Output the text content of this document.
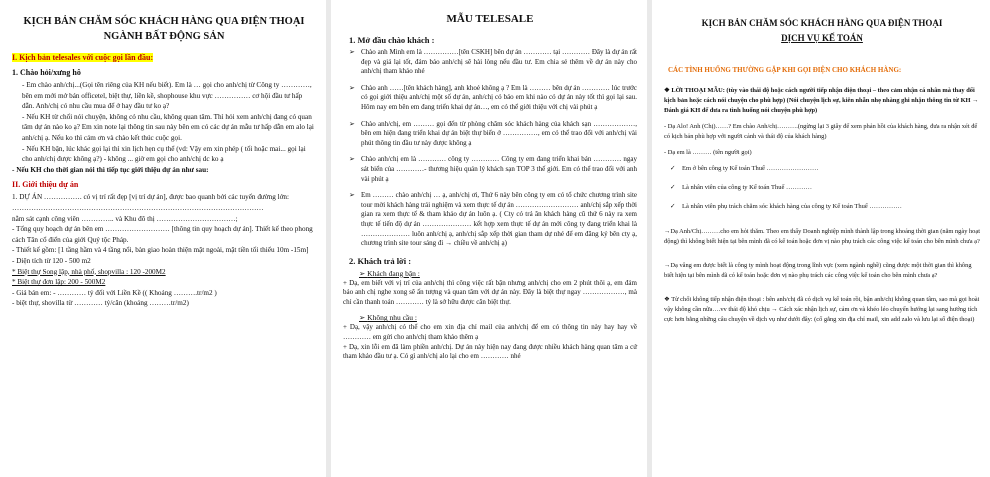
KỊCH BẢN CHĂM SÓC KHÁCH HÀNG QUA ĐIỆN THOẠI
NGÀNH BẤT ĐỘNG SẢN
I. Kịch bản telesales với cuộc gọi lần đầu:
1. Chào hỏi/xưng hô

- Em chào anh/chị...(Gọi tên riêng của KH nếu biết). Em là … gọi cho anh/chị từ Công ty …………, bên em mới mở bán officetel, biệt thự, liền kề, shophouse khu vực …………… cơ hội đầu tư hấp dẫn. Anh/chị có nhu cầu mua để ở hay đầu tư ko ạ?

- Nếu KH từ chối nói chuyện, không có nhu cầu, không quan tâm. Thì hỏi xem anh/chị đang có quan tâm dự án nào ko ạ? Em xin note lại thông tin sau này bên em có các dự án mẫu tư hấp dẫn em alo lại anh/chị ạ. Nếu ko thì cảm ơn và chào kết thúc cuộc gọi.

- Nếu KH bận, lúc khác gọi lại thì xin lịch hẹn cụ thể (vd: Vậy em xin phép ( tối hoặc mai... gọi lại cho anh/chị được không ạ?) - không ... giờ em gọi cho anh/chị dc ko ạ

- Nếu KH cho thời gian nói thì tiếp tục giới thiệu dự án như sau:

II. Giới thiệu dự án

1. DỰ ÁN ……………. có vị trí rất đẹp [vị trí dự án], được bao quanh bởi các tuyến đường lớn: ……………………………………………………………………………………………

nằm sát cạnh công viên ………….. và Khu đô thị ……………………………;

- Tổng quy hoạch dự án bên em ……………………… [thông tin quy hoạch dự án]. Thiết kế theo phong cách Tân cổ điển của giới Quý tộc Pháp.

- Thiết kế gồm: [1 tầng hầm và 4 tầng nổi, bàn giao hoàn thiện mặt ngoài, mặt tiền tối thiểu 10m -15m]

- Diện tích từ 120 - 500 m2

* Biệt thự Song lập, nhà phố, shopvilla : 120 -200M2

* Biệt thự đơn lập: 200 - 500M2

- Giá bán em: - ………… tỷ đối với Liền Kề (( Khoảng ……….tr/m2 )

- biệt thự, shovilla từ ………… tỷ/căn (khoảng ………tr/m2)

MẪU TELESALE
1. Mở đầu chào khách :
➢ Chào anh Minh em là ……………[tên CSKH] bên dự án ………… tại ………… Đây là dự án rất đẹp và giá lại tốt, đảm bảo anh/chị sẽ hài lòng nếu đầu tư. Em chia sẻ thêm về dự án này cho anh/chị tham khảo nhé
➢ Chào anh ……[tên khách hàng], anh khoẻ không ạ ? Em là ……… bên dự án ………… lúc trước có gọi giới thiệu anh/chị một số dự án, anh/chị có báo em khi nào có dự án này tốt thì gọi lại sau. Hôm nay em bên em đang triển khai dự án…, em có thể giới thiệu với chị vài phút ạ
➢ Chào anh/chị, em ……… gọi đến từ phòng chăm sóc khách hàng của khách sạn ………………, bên em hiện đang triển khai dự án biệt thự biển ở ……………, em có thể trao đổi với anh/chị vài phút thông tin đầu tư này được không ạ
➢ Chào anh/chị em là ………… công ty ………… Công ty em đang triển khai bán ………… ngay sát biển của …………- thương hiệu quản lý khách sạn TOP 3 thế giới. Em có thể trao đổi với anh vài phút ạ
➢ Em ……… chào anh/chị … ạ, anh/chị ơi, Thứ 6 này bên công ty em có tổ chức chương trình site tour mời khách hàng trải nghiệm và xem thực tế dự án ……………………… anh/chị sắp xếp thời gian ra xem thực tế & tham khảo dự án luôn ạ. ( Cty có trả ăn khách hàng cũ thứ 6 này ra xem thực tế tiến độ dự án ………………… kết hợp xem thực tế dự án mới công ty đang triển khai là ………………… luôn anh/chị ạ, anh/chị sắp xếp thời gian tham dự nhé để em đăng ký bên cty ạ, chương trình site tour sáng đi → chiều về anh/chị ạ)
2. Khách trả lời :
➢ Khách đang bận :

+ Dạ, em biết với vị trí của anh/chị thì công việc rất bận nhưng anh/chị cho em 2 phút thôi ạ, em đảm bảo anh chị nghe xong sẽ ấn tượng và quan tâm với dự án này. Đây là biệt thự ngay ………………, mà chỉ cần thanh toán ………… tỷ là sở hữu được căn biệt thự.

➢ Không nhu cầu :

+ Dạ, vậy anh/chị có thể cho em xin địa chỉ mail của anh/chị để em có thông tin này hay hay về ………… em gửi cho anh/chị tham khảo thêm ạ
+ Dạ, xin lỗi em đã làm phiền anh/chị. Dự án này hiện nay đang được nhiều khách hàng quan tâm a cứ tham khảo đầu tư ạ. Có gì anh/chị alo lại cho em ………… nhé

KỊCH BẢN CHĂM SÓC KHÁCH HÀNG QUA ĐIỆN THOẠI
DỊCH VỤ KẾ TOÁN
CÁC TÌNH HUỐNG THƯỜNG GẶP KHI GỌI ĐIỆN CHO KHÁCH HÀNG:

❖ LỜI THOẠI MẪU: (tùy vào thái độ hoặc cách người tiếp nhận điện thoại – theo cảm nhận cá nhân mà thay đổi kịch bản hoặc cách nói chuyện cho phù hợp) (Nói chuyện lịch sự, kiên nhẫn nhẹ nhàng ghi nhận thông tin từ KH → Đánh giá KH để đưa ra tình huống nói chuyện phù hợp)

- Dạ Alo! Anh (Chị)……? Em chào Anh/chị……….(ngừng lại 3 giây để xem phản hồi của khách hàng, đưa ra nhận xét để có kịch bản phù hợp với người cảnh và thái độ của khách hàng)

- Dạ em là ……… (tên người gọi)

✓	Em ở bên công ty Kế toán Thuế ……………………
✓	Là nhân viên của công ty Kế toán Thuế …………
✓	Là nhân viên phụ trách chăm sóc khách hàng của công ty Kế toán Thuế ……………

→Dạ Anh/Chị………cho em hỏi thăm. Theo em thấy Doanh nghiệp mình thành lập trong khoảng thời gian (năm ngày hoạt động) thì không biết hiện tại bên mình đã có kế toán hoặc đơn vị nào phụ trách các công việc kế toán cho bên mình chưa ạ?

→Dạ vâng em được biết là công ty mình hoạt động trong lĩnh vực (xem ngành nghề) cũng được một thời gian thì không biết hiện tại bên mình đã có kế toán hoặc đơn vị nào phụ trách các công việc kế toán cho bên mình chưa ạ?

❖ Từ chối không tiếp nhận điện thoại : bên anh/chị đã có dịch vụ kế toán rồi, bận anh/chị không quan tâm, sao mà gọi hoài vậy không cần nữa….vv thái độ khó chịu → Cách xác nhận lịch sự, cảm ơn và khéo léo chuyển hướng lại sang hướng tích cực hơn bằng những câu chuyện về dịch vụ như dưới đây: (cố gắng xin địa chỉ mail, xin add zalo và lưu lại số điện thoại)
